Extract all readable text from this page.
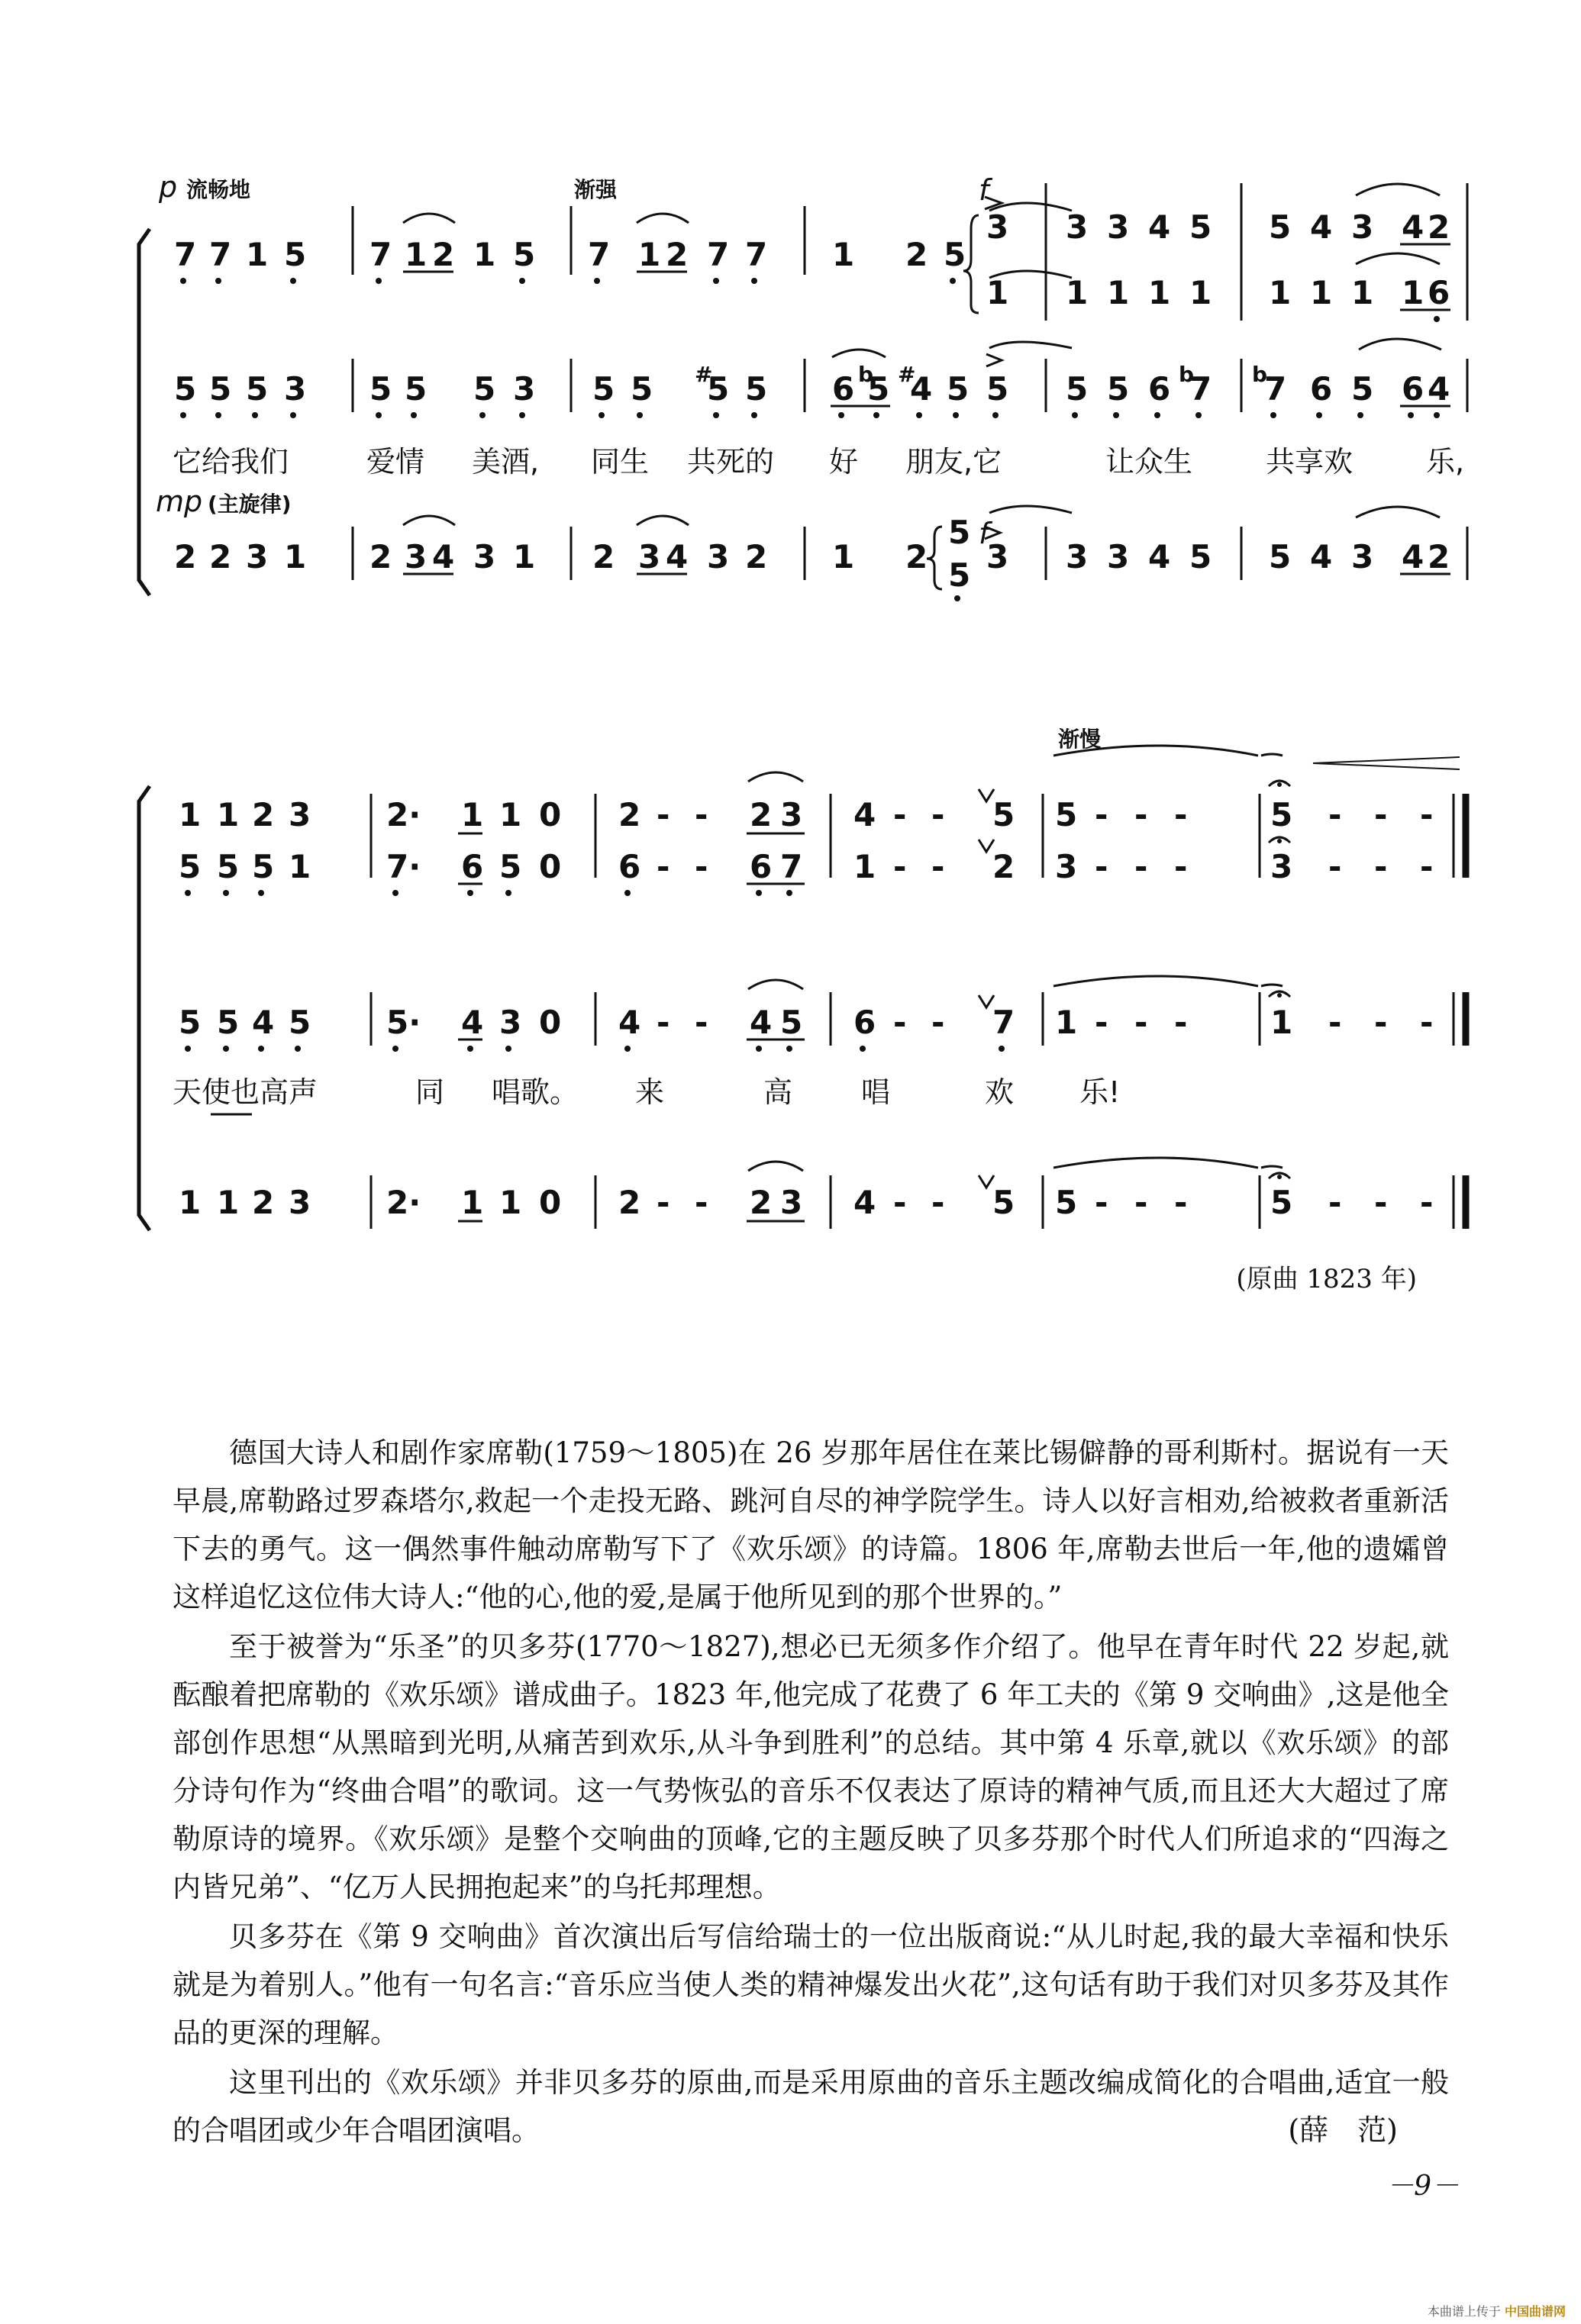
p 流畅地	渐强	f
f
mp (主旋律)
7 7 1 5 7 1 2 1 5 7 1 2 7 7 1 2 5
3
1
3 3 4 5
1 1 1 1
5 4 3 4 2
1 1 1 1 6
5 5 5 3 5 5 5 3 5 5 #
5 5 6 b
5 #
4 5 5 5 5 6 b
7 b
7 6 5 6 4
它给我们	爱情 美酒, 同生 共死的 好 朋友,它	让众生	共享欢	乐,
2 2 3 1 2 3 4 3 1 2 3 4 3 2 1 2
5
5 3 3 3 4 5 5 4 3 4 2
渐慢
1 1 2 3 2· 1 1 0 2 - - 2 3 4 - - 5 5 - - -	5 - - -
5 5 5 1 7· 6 5 0 6 - - 6 7 1 - - 2 3 - - -	3 - - -
5 5 4 5 5· 4 3 0 4 - - 4 5 6 - - 7 1 - - -	1 - - -
天使也高声	同 唱歌。 来	高 唱	欢 乐!
1 1 2 3 2· 1 1 0 2 - - 2 3 4 - - 5 5 - - -	5 - - -
(原曲 1823 年)

德国大诗人和剧作家席勒(1759～1805)在 26 岁那年居住在莱比锡僻静的哥利斯村。据说有一天早晨,席勒路过罗森塔尔,救起一个走投无路、跳河自尽的神学院学生。诗人以好言相劝,给被救者重新活下去的勇气。这一偶然事件触动席勒写下了《欢乐颂》的诗篇。1806 年,席勒去世后一年,他的遗孀曾这样追忆这位伟大诗人:“他的心,他的爱,是属于他所见到的那个世界的。”

至于被誉为“乐圣”的贝多芬(1770～1827),想必已无须多作介绍了。他早在青年时代 22 岁起,就酝酿着把席勒的《欢乐颂》谱成曲子。1823 年,他完成了花费了 6 年工夫的《第 9 交响曲》,这是他全部创作思想“从黑暗到光明,从痛苦到欢乐,从斗争到胜利”的总结。其中第 4 乐章,就以《欢乐颂》的部分诗句作为“终曲合唱”的歌词。这一气势恢弘的音乐不仅表达了原诗的精神气质,而且还大大超过了席勒原诗的境界。《欢乐颂》是整个交响曲的顶峰,它的主题反映了贝多芬那个时代人们所追求的“四海之内皆兄弟”、“亿万人民拥抱起来”的乌托邦理想。

贝多芬在《第 9 交响曲》首次演出后写信给瑞士的一位出版商说:“从儿时起,我的最大幸福和快乐就是为着别人。”他有一句名言:“音乐应当使人类的精神爆发出火花”,这句话有助于我们对贝多芬及其作品的更深的理解。

这里刊出的《欢乐颂》并非贝多芬的原曲,而是采用原曲的音乐主题改编成简化的合唱曲,适宜一般的合唱团或少年合唱团演唱。	(薛　范)
－9－
本曲谱上传于 中国曲谱网
